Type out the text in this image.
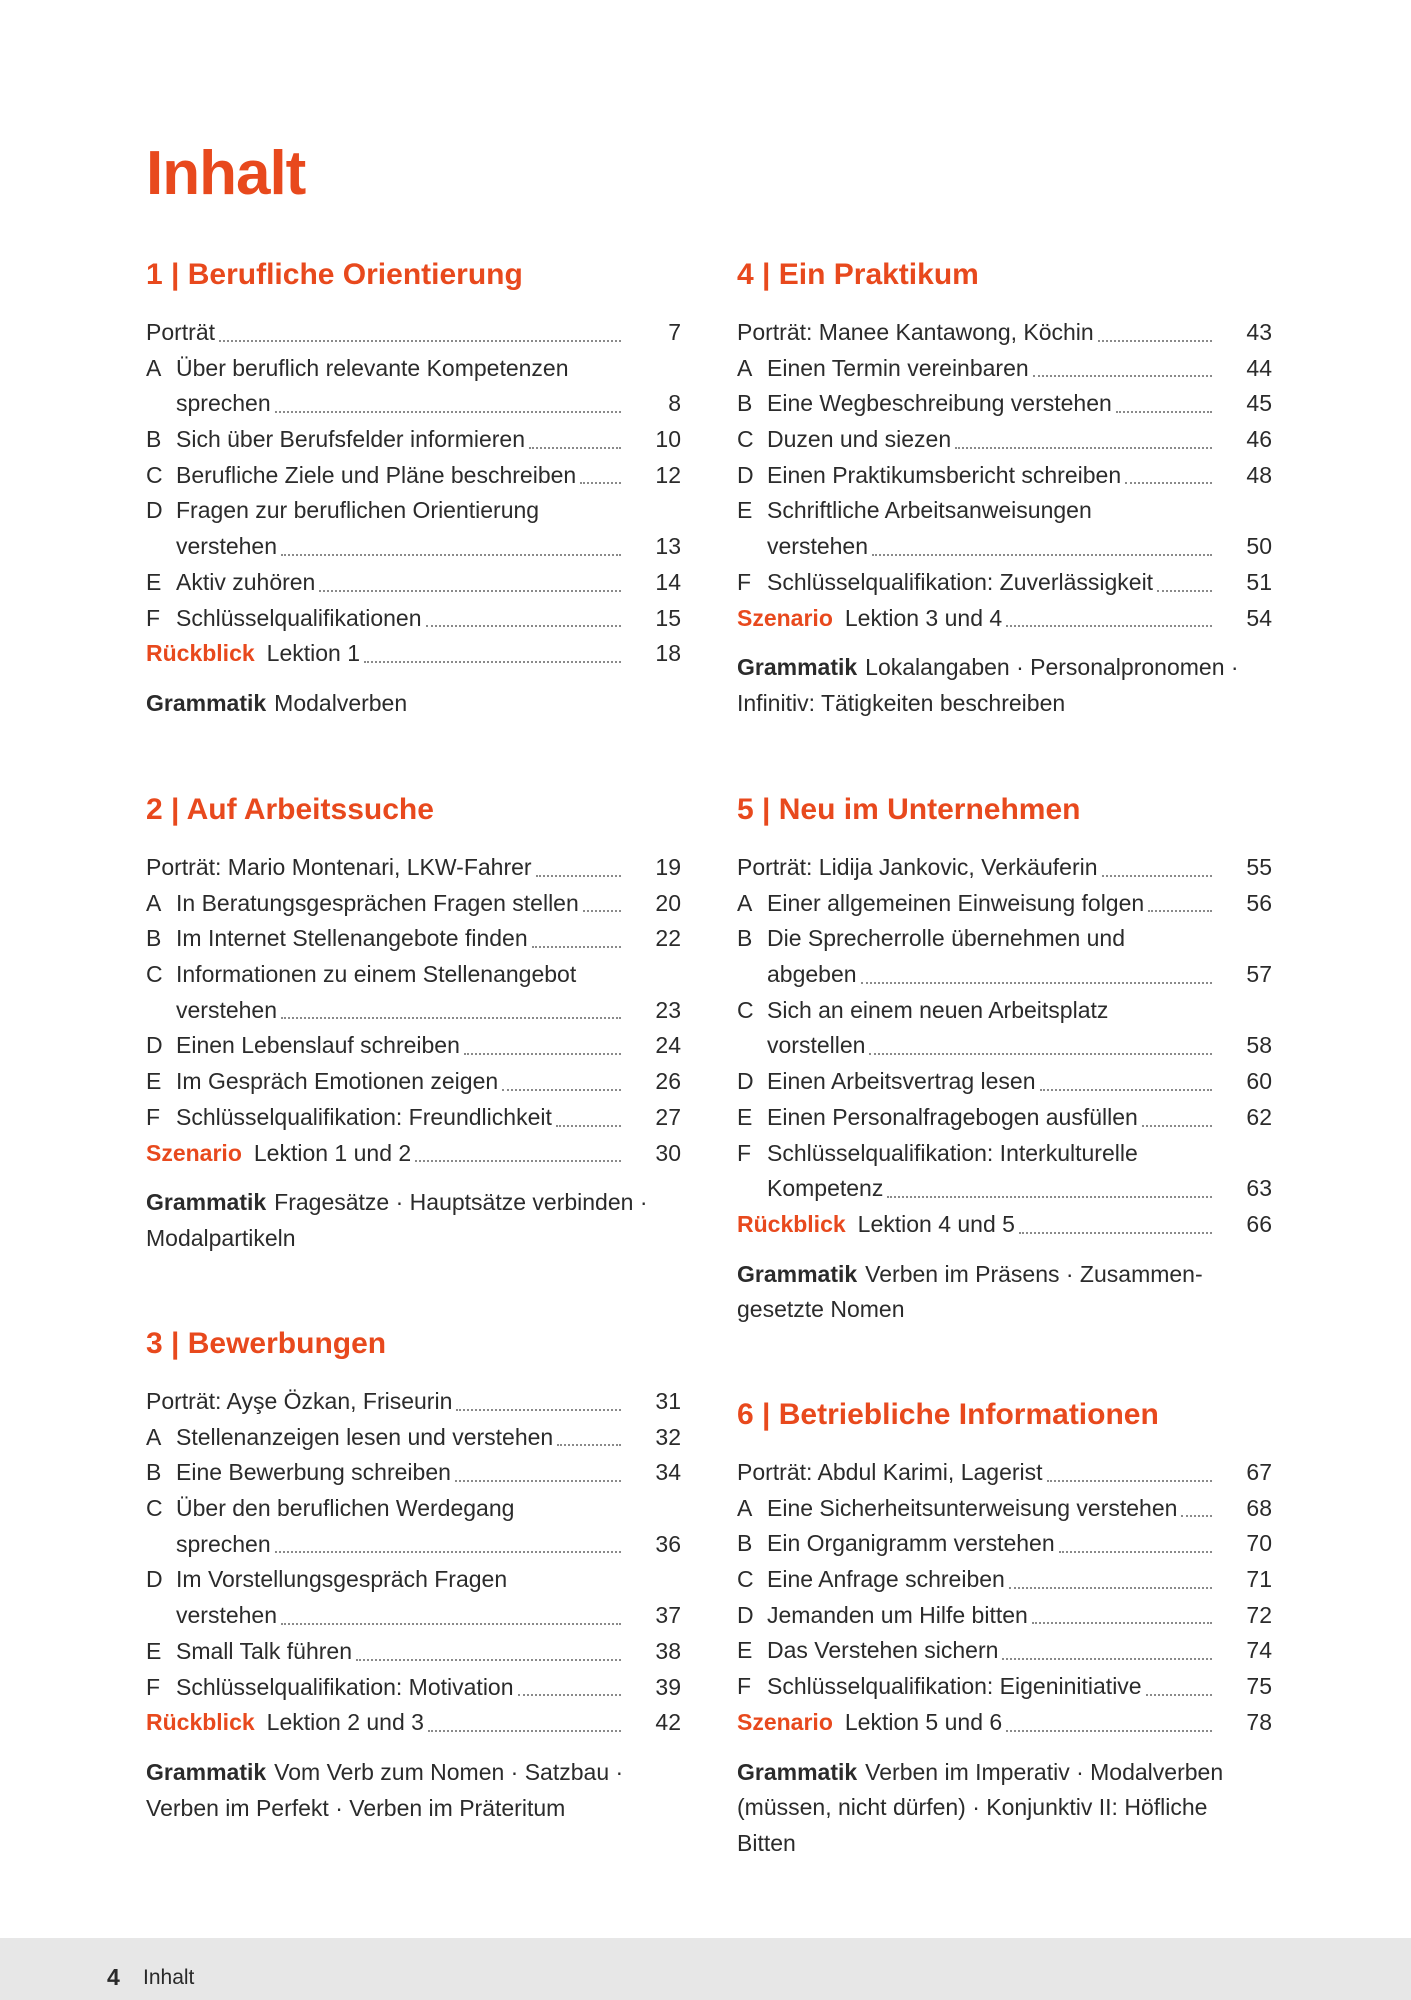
Inhalt
1 | Berufliche Orientierung
Porträt	7
A Über beruflich relevante Kompetenzen
sprechen	8
B Sich über Berufsfelder informieren	10
C Berufliche Ziele und Pläne beschreiben	12
D Fragen zur beruflichen Orientierung
verstehen	13
E Aktiv zuhören	14
F Schlüsselqualifikationen	15
Rückblick Lektion 1	18
Grammatik Modalverben
2 | Auf Arbeitssuche
Porträt: Mario Montenari, LKW-Fahrer	19
A In Beratungsgesprächen Fragen stellen	20
B Im Internet Stellenangebote finden	22
C Informationen zu einem Stellenangebot
verstehen	23
D Einen Lebenslauf schreiben	24
E Im Gespräch Emotionen zeigen	26
F Schlüsselqualifikation: Freundlichkeit	27
Szenario Lektion 1 und 2	30
Grammatik Fragesätze · Hauptsätze verbinden · Modalpartikeln
3 | Bewerbungen
Porträt: Ayşe Özkan, Friseurin	31
A Stellenanzeigen lesen und verstehen	32
B Eine Bewerbung schreiben	34
C Über den beruflichen Werdegang
sprechen	36
D Im Vorstellungsgespräch Fragen
verstehen	37
E Small Talk führen	38
F Schlüsselqualifikation: Motivation	39
Rückblick Lektion 2 und 3	42
Grammatik Vom Verb zum Nomen · Satzbau · Verben im Perfekt · Verben im Präteritum
4 | Ein Praktikum
Porträt: Manee Kantawong, Köchin	43
A Einen Termin vereinbaren	44
B Eine Wegbeschreibung verstehen	45
C Duzen und siezen	46
D Einen Praktikumsbericht schreiben	48
E Schriftliche Arbeitsanweisungen
verstehen	50
F Schlüsselqualifikation: Zuverlässigkeit	51
Szenario Lektion 3 und 4	54
Grammatik Lokalangaben · Personalpronomen · Infinitiv: Tätigkeiten beschreiben
5 | Neu im Unternehmen
Porträt: Lidija Jankovic, Verkäuferin	55
A Einer allgemeinen Einweisung folgen	56
B Die Sprecherrolle übernehmen und
abgeben	57
C Sich an einem neuen Arbeitsplatz
vorstellen	58
D Einen Arbeitsvertrag lesen	60
E Einen Personalfragebogen ausfüllen	62
F Schlüsselqualifikation: Interkulturelle
Kompetenz	63
Rückblick Lektion 4 und 5	66
Grammatik Verben im Präsens · Zusammen-gesetzte Nomen
6 | Betriebliche Informationen
Porträt: Abdul Karimi, Lagerist	67
A Eine Sicherheitsunterweisung verstehen	68
B Ein Organigramm verstehen	70
C Eine Anfrage schreiben	71
D Jemanden um Hilfe bitten	72
E Das Verstehen sichern	74
F Schlüsselqualifikation: Eigeninitiative	75
Szenario Lektion 5 und 6	78
Grammatik Verben im Imperativ · Modalverben (müssen, nicht dürfen) · Konjunktiv II: Höfliche Bitten
4 Inhalt
